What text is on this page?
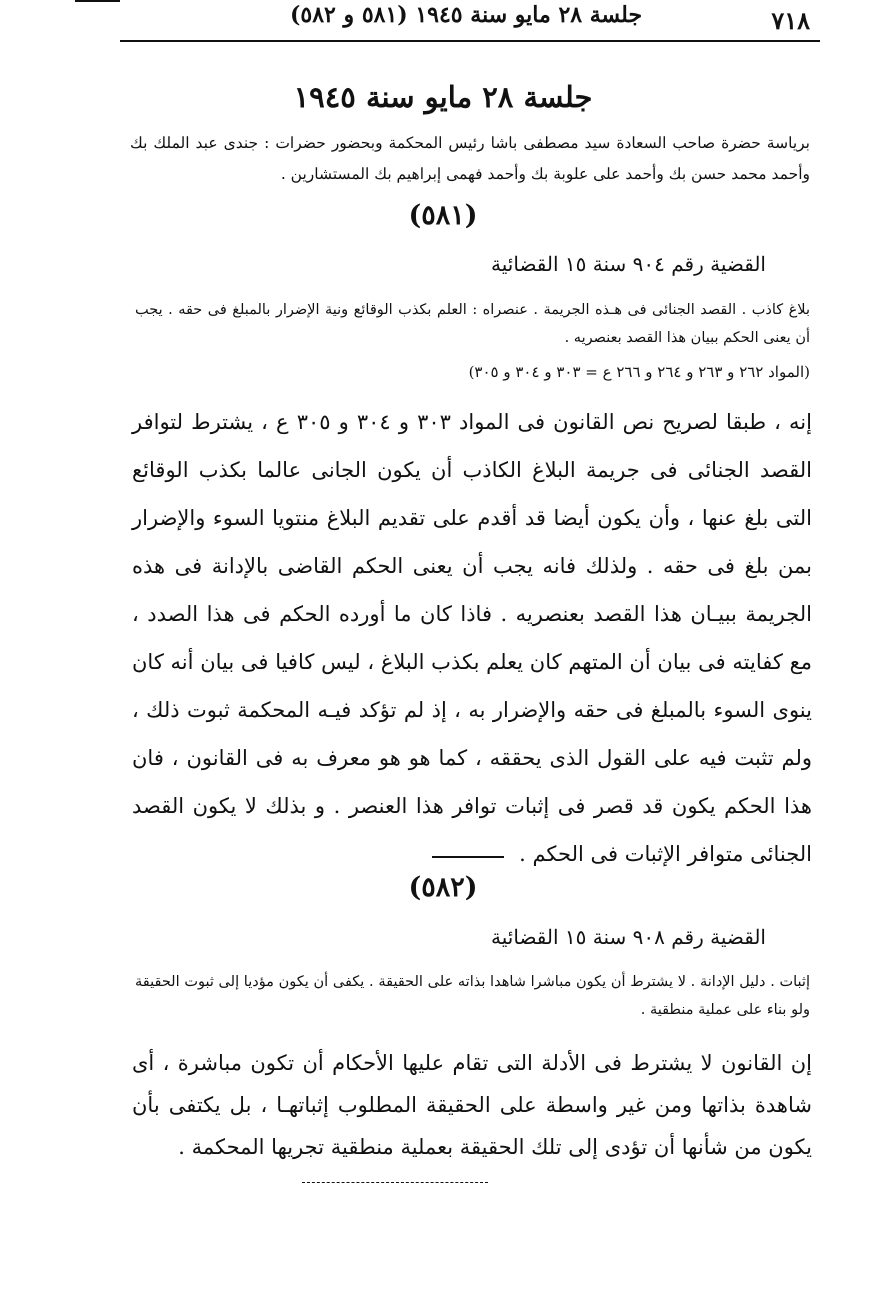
٧١٨
جلسة ٢٨ مايو سنة ١٩٤٥ (٥٨١ و ٥٨٢)
جلسة ٢٨ مايو سنة ١٩٤٥
برياسة حضرة صاحب السعادة سيد مصطفى باشا رئيس المحكمة وبحضور حضرات : جندى عبد الملك بك وأحمد محمد حسن بك وأحمد على علوبة بك وأحمد فهمى إبراهيم بك المستشارين .
(٥٨١)
القضية رقم ٩٠٤ سنة ١٥ القضائية
بلاغ كاذب . القصد الجنائى فى هـذه الجريمة . عنصراه : العلم بكذب الوقائع ونية الإضرار بالمبلغ فى حقه . يجب أن يعنى الحكم ببيان هذا القصد بعنصريه .
(المواد ٢٦٢ و ٢٦٣ و ٢٦٤ و ٢٦٦ ع = ٣٠٣ و ٣٠٤ و ٣٠٥)
إنه ، طبقا لصريح نص القانون فى المواد ٣٠٣ و ٣٠٤ و ٣٠٥ ع ، يشترط لتوافر القصد الجنائى فى جريمة البلاغ الكاذب أن يكون الجانى عالما بكذب الوقائع التى بلغ عنها ، وأن يكون أيضا قد أقدم على تقديم البلاغ منتويا السوء والإضرار بمن بلغ فى حقه . ولذلك فانه يجب أن يعنى الحكم القاضى بالإدانة فى هذه الجريمة ببيـان هذا القصد بعنصريه . فاذا كان ما أورده الحكم فى هذا الصدد ، مع كفايته فى بيان أن المتهم كان يعلم بكذب البلاغ ، ليس كافيا فى بيان أنه كان ينوى السوء بالمبلغ فى حقه والإضرار به ، إذ لم تؤكد فيـه المحكمة ثبوت ذلك ، ولم تثبت فيه على القول الذى يحققه ، كما هو هو معرف به فى القانون ، فان هذا الحكم يكون قد قصر فى إثبات توافر هذا العنصر . و بذلك لا يكون القصد الجنائى متوافر الإثبات فى الحكم .
(٥٨٢)
القضية رقم ٩٠٨ سنة ١٥ القضائية
إثبات . دليل الإدانة . لا يشترط أن يكون مباشرا شاهدا بذاته على الحقيقة . يكفى أن يكون مؤديا إلى ثبوت الحقيقة ولو بناء على عملية منطقية .
إن القانون لا يشترط فى الأدلة التى تقام عليها الأحكام أن تكون مباشرة ، أى شاهدة بذاتها ومن غير واسطة على الحقيقة المطلوب إثباتهـا ، بل يكتفى بأن يكون من شأنها أن تؤدى إلى تلك الحقيقة بعملية منطقية تجريها المحكمة .
